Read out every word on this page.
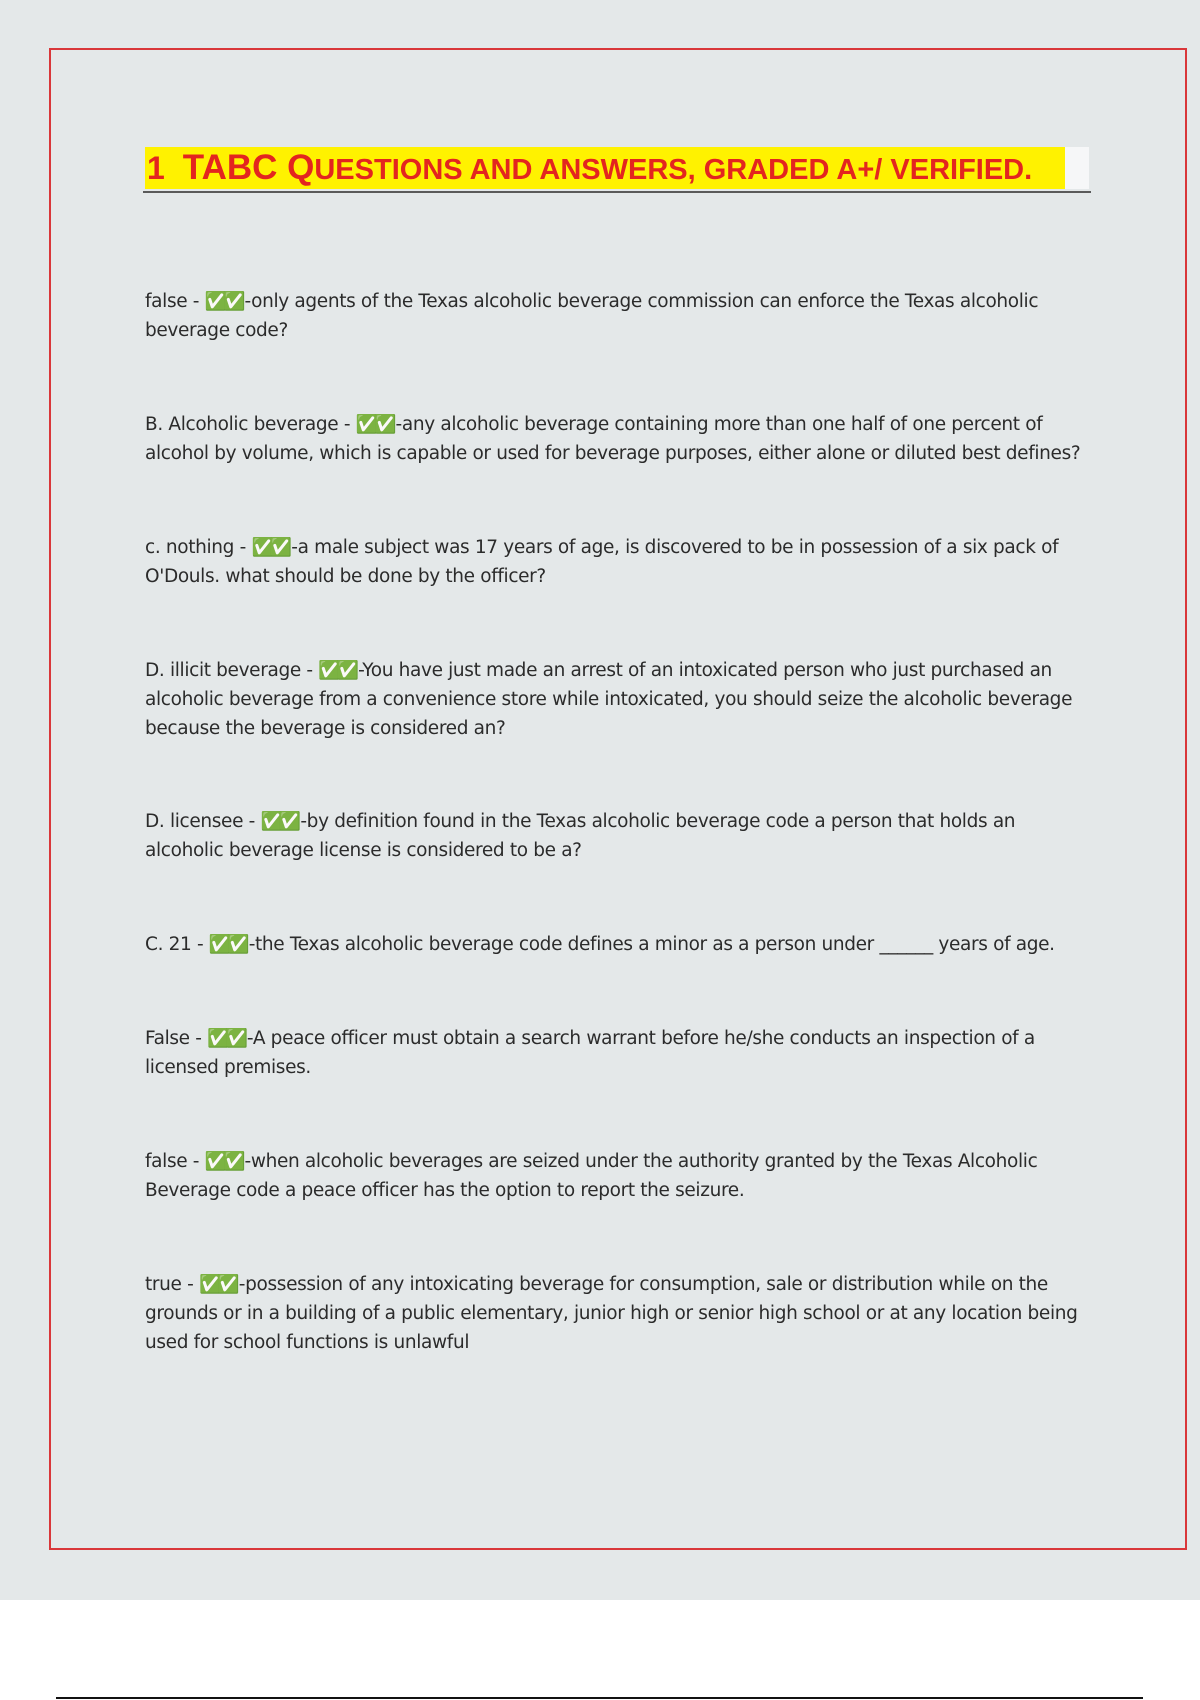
1 TABC QUESTIONS AND ANSWERS, GRADED A+/ VERIFIED.

false - ✅✅ -only agents of the Texas alcoholic beverage commission can enforce the Texas alcoholic beverage code?

B. Alcoholic beverage - ✅✅ -any alcoholic beverage containing more than one half of one percent of alcohol by volume, which is capable or used for beverage purposes, either alone or diluted best defines?

c. nothing - ✅✅ -a male subject was 17 years of age, is discovered to be in possession of a six pack of O'Douls. what should be done by the officer?

D. illicit beverage - ✅✅ -You have just made an arrest of an intoxicated person who just purchased an alcoholic beverage from a convenience store while intoxicated, you should seize the alcoholic beverage because the beverage is considered an?

D. licensee - ✅✅ -by definition found in the Texas alcoholic beverage code a person that holds an alcoholic beverage license is considered to be a?

C. 21 - ✅✅ -the Texas alcoholic beverage code defines a minor as a person under ______ years of age.

False - ✅✅ -A peace officer must obtain a search warrant before he/she conducts an inspection of a licensed premises.

false - ✅✅ -when alcoholic beverages are seized under the authority granted by the Texas Alcoholic Beverage code a peace officer has the option to report the seizure.

true - ✅✅ -possession of any intoxicating beverage for consumption, sale or distribution while on the grounds or in a building of a public elementary, junior high or senior high school or at any location being used for school functions is unlawful
